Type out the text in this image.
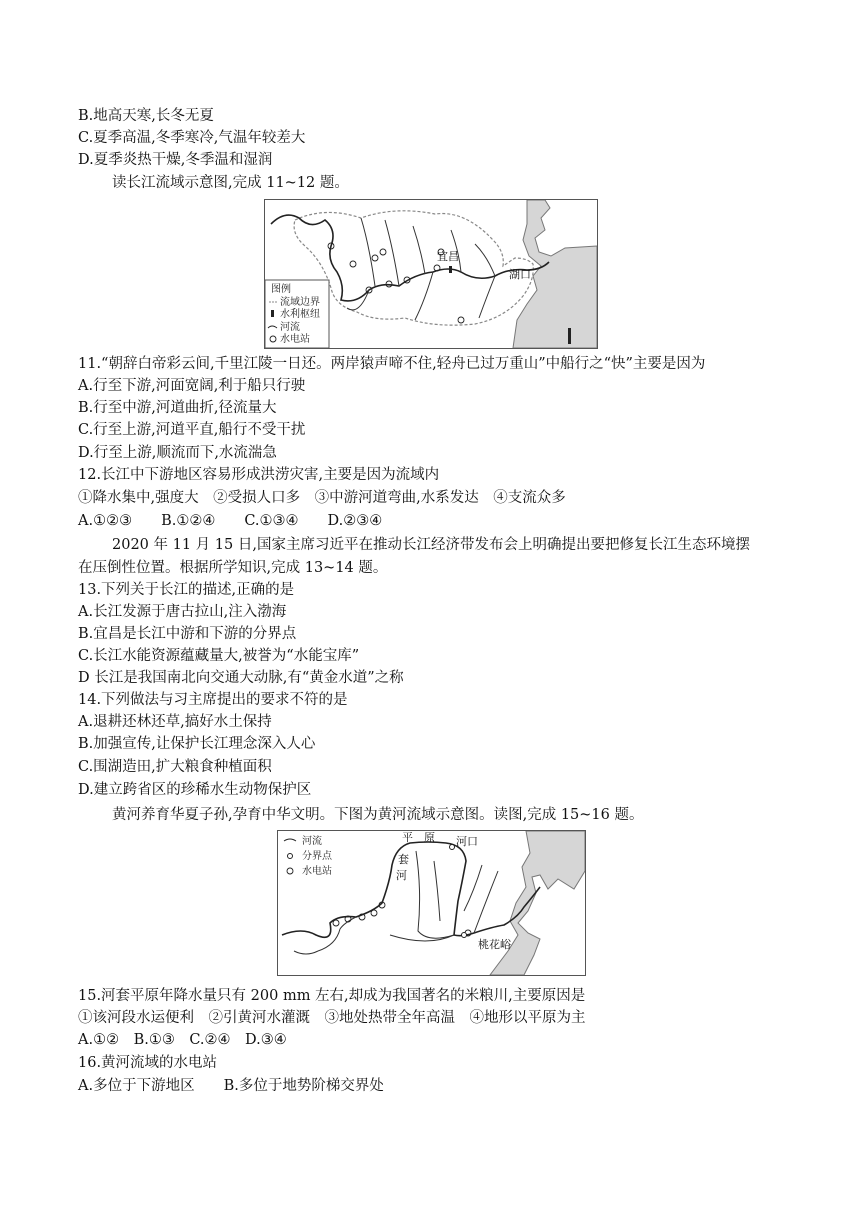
B.地高天寒,长冬无夏
C.夏季高温,冬季寒冷,气温年较差大
D.夏季炎热干燥,冬季温和湿润
读长江流域示意图,完成 11~12 题。
宜昌
湖口
图例
流域边界
水利枢纽
河流
水电站
11.“朝辞白帝彩云间,千里江陵一日还。两岸猿声啼不住,轻舟已过万重山”中船行之“快”主要是因为
A.行至下游,河面宽阔,利于船只行驶
B.行至中游,河道曲折,径流量大
C.行至上游,河道平直,船行不受干扰
D.行至上游,顺流而下,水流湍急
12.长江中下游地区容易形成洪涝灾害,主要是因为流域内
①降水集中,强度大　②受损人口多　③中游河道弯曲,水系发达　④支流众多
A.①②③　　B.①②④　　C.①③④　　D.②③④
2020 年 11 月 15 日,国家主席习近平在推动长江经济带发布会上明确提出要把修复长江生态环境摆
在压倒性位置。根据所学知识,完成 13~14 题。
13.下列关于长江的描述,正确的是
A.长江发源于唐古拉山,注入渤海
B.宜昌是长江中游和下游的分界点
C.长江水能资源蕴藏量大,被誉为“水能宝库”
D 长江是我国南北向交通大动脉,有“黄金水道”之称
14.下列做法与习主席提出的要求不符的是
A.退耕还林还草,搞好水土保持
B.加强宣传,让保护长江理念深入人心
C.围湖造田,扩大粮食种植面积
D.建立跨省区的珍稀水生动物保护区
黄河养育华夏子孙,孕育中华文明。下图为黄河流域示意图。读图,完成 15~16 题。
平 原 河口
套
河
桃花峪
河流
分界点
水电站
15.河套平原年降水量只有 200 mm 左右,却成为我国著名的米粮川,主要原因是
①该河段水运便利　②引黄河水灌溉　③地处热带全年高温　④地形以平原为主
A.①②　B.①③　C.②④　D.③④
16.黄河流域的水电站
A.多位于下游地区　　B.多位于地势阶梯交界处
